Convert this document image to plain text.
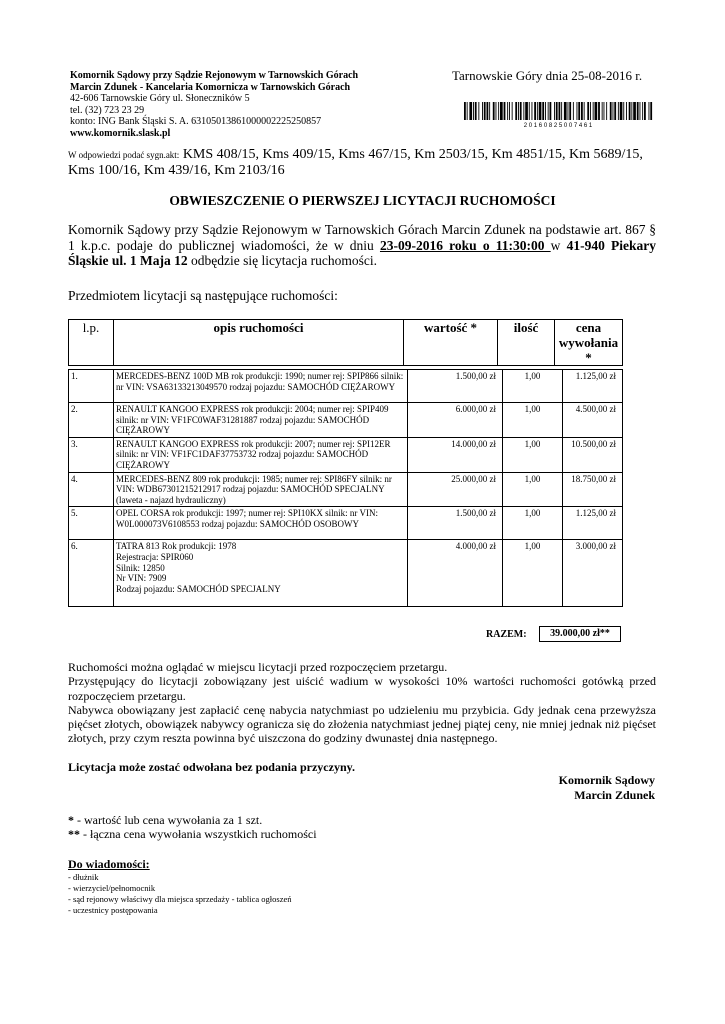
Komornik Sądowy przy Sądzie Rejonowym w Tarnowskich Górach
Marcin Zdunek - Kancelaria Komornicza w Tarnowskich Górach
42-606 Tarnowskie Góry ul. Słoneczników 5
tel. (32) 723 23 29
konto: ING Bank Śląski S. A. 63105013861000002225250857
www.komornik.slask.pl
Tarnowskie Góry dnia 25-08-2016 r.
2 0 1 6 0 8 2 5 0 0 7 4 6 1
W odpowiedzi podać sygn.akt: KMS 408/15, Kms 409/15, Kms 467/15, Km 2503/15, Km 4851/15, Km 5689/15, Kms 100/16, Km 439/16, Km 2103/16
OBWIESZCZENIE O PIERWSZEJ LICYTACJI RUCHOMOŚCI
Komornik Sądowy przy Sądzie Rejonowym w Tarnowskich Górach Marcin Zdunek na podstawie art. 867 § 1 k.p.c. podaje do publicznej wiadomości, że w dniu 23-09-2016 roku o 11:30:00 w 41-940 Piekary Śląskie ul. 1 Maja 12 odbędzie się licytacja ruchomości.
Przedmiotem licytacji są następujące ruchomości:
l.p.	opis ruchomości	wartość *	ilość	cena
wywołania *
1.	MERCEDES-BENZ 100D MB rok produkcji: 1990; numer rej: SPIP866 silnik: nr VIN: VSA63133213049570 rodzaj pojazdu: SAMOCHÓD CIĘŻAROWY	1.500,00 zł	1,00	1.125,00 zł
2.	RENAULT KANGOO EXPRESS rok produkcji: 2004; numer rej: SPIP409 silnik: nr VIN: VF1FC0WAF31281887 rodzaj pojazdu: SAMOCHÓD CIĘŻAROWY	6.000,00 zł	1,00	4.500,00 zł
3.	RENAULT KANGOO EXPRESS rok produkcji: 2007; numer rej: SPI12ER silnik: nr VIN: VF1FC1DAF37753732 rodzaj pojazdu: SAMOCHÓD CIĘŻAROWY	14.000,00 zł	1,00	10.500,00 zł
4.	MERCEDES-BENZ 809 rok produkcji: 1985; numer rej: SPI86FY silnik: nr VIN: WDB67301215212917 rodzaj pojazdu: SAMOCHÓD SPECJALNY (laweta - najazd hydrauliczny)	25.000,00 zł	1,00	18.750,00 zł
5.	OPEL CORSA rok produkcji: 1997; numer rej: SPI10KX silnik: nr VIN: W0L000073V6108553 rodzaj pojazdu: SAMOCHÓD OSOBOWY	1.500,00 zł	1,00	1.125,00 zł
6.	TATRA 813 Rok produkcji: 1978
Rejestracja: SPIR060
Silnik: 12850
Nr VIN: 7909
Rodzaj pojazdu: SAMOCHÓD SPECJALNY	4.000,00 zł	1,00	3.000,00 zł
RAZEM:	39.000,00 zł**

Ruchomości można oglądać w miejscu licytacji przed rozpoczęciem przetargu.

Przystępujący do licytacji zobowiązany jest uiścić wadium w wysokości 10% wartości ruchomości gotówką przed rozpoczęciem przetargu.

Nabywca obowiązany jest zapłacić cenę nabycia natychmiast po udzieleniu mu przybicia. Gdy jednak cena przewyższa pięćset złotych, obowiązek nabywcy ogranicza się do złożenia natychmiast jednej piątej ceny, nie mniej jednak niż pięćset złotych, przy czym reszta powinna być uiszczona do godziny dwunastej dnia następnego.

Licytacja może zostać odwołana bez podania przyczyny.
Komornik Sądowy
Marcin Zdunek
* - wartość lub cena wywołania za 1 szt.
** - łączna cena wywołania wszystkich ruchomości
Do wiadomości:
- dłużnik
- wierzyciel/pełnomocnik
- sąd rejonowy właściwy dla miejsca sprzedaży - tablica ogłoszeń
- uczestnicy postępowania
